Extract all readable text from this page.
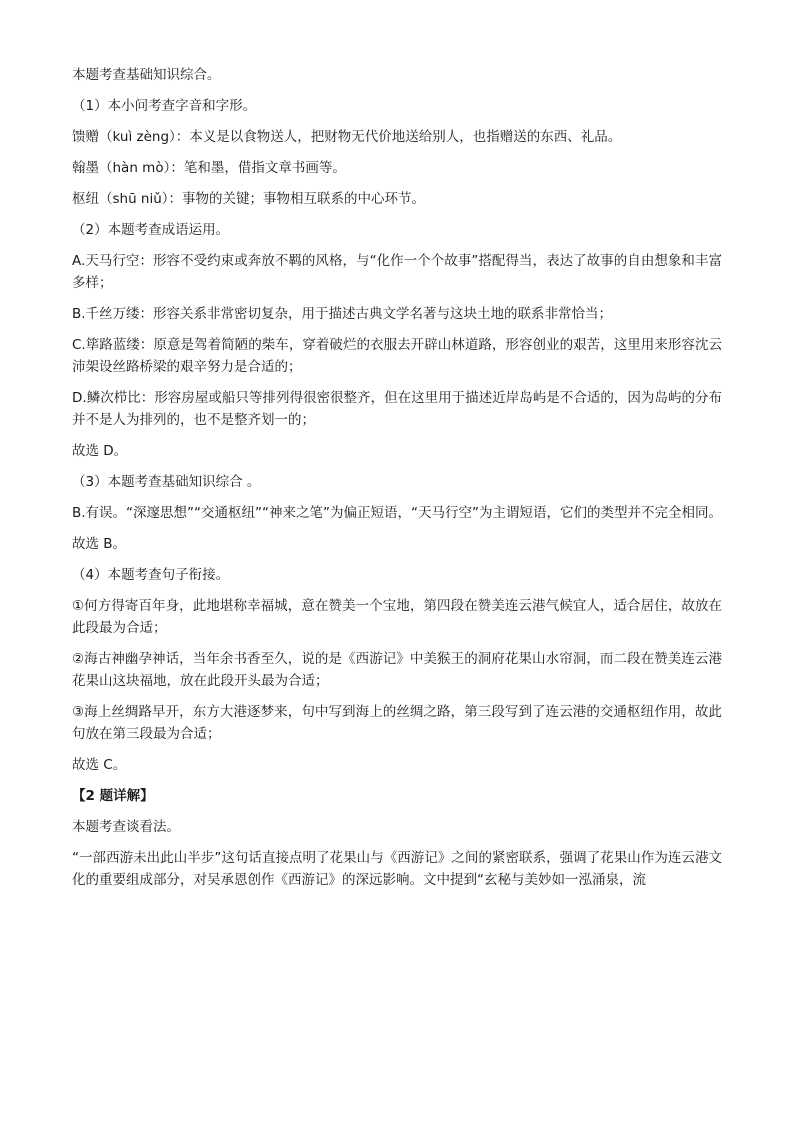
本题考查基础知识综合。

（1）本小问考查字音和字形。

馈赠（kuì zèng）：本义是以食物送人，把财物无代价地送给别人，也指赠送的东西、礼品。

翰墨（hàn mò）：笔和墨，借指文章书画等。

枢纽（shū niǔ）：事物的关键；事物相互联系的中心环节。

（2）本题考查成语运用。

A.天马行空：形容不受约束或奔放不羁的风格，与“化作一个个故事”搭配得当，表达了故事的自由想象和丰富多样；

B.千丝万缕：形容关系非常密切复杂，用于描述古典文学名著与这块土地的联系非常恰当；

C.筚路蓝缕：原意是驾着简陋的柴车，穿着破烂的衣服去开辟山林道路，形容创业的艰苦，这里用来形容沈云沛架设丝路桥梁的艰辛努力是合适的；

D.鳞次栉比：形容房屋或船只等排列得很密很整齐，但在这里用于描述近岸岛屿是不合适的，因为岛屿的分布并不是人为排列的，也不是整齐划一的；

故选 D。

（3）本题考查基础知识综合 。

B.有误。“深邃思想”“交通枢纽”“神来之笔”为偏正短语，“天马行空”为主谓短语，它们的类型并不完全相同。

故选 B。

（4）本题考查句子衔接。

①何方得寄百年身，此地堪称幸福城，意在赞美一个宝地，第四段在赞美连云港气候宜人，适合居住，故放在此段最为合适；

②海古神幽孕神话，当年余书香至久，说的是《西游记》中美猴王的洞府花果山水帘洞，而二段在赞美连云港花果山这块福地，放在此段开头最为合适；

③海上丝绸路早开，东方大港逐梦来，句中写到海上的丝绸之路，第三段写到了连云港的交通枢纽作用，故此句放在第三段最为合适；

故选 C。

【2 题详解】

本题考查谈看法。

“一部西游未出此山半步”这句话直接点明了花果山与《西游记》之间的紧密联系，强调了花果山作为连云港文化的重要组成部分，对吴承恩创作《西游记》的深远影响。文中提到“玄秘与美妙如一泓涌泉，流
